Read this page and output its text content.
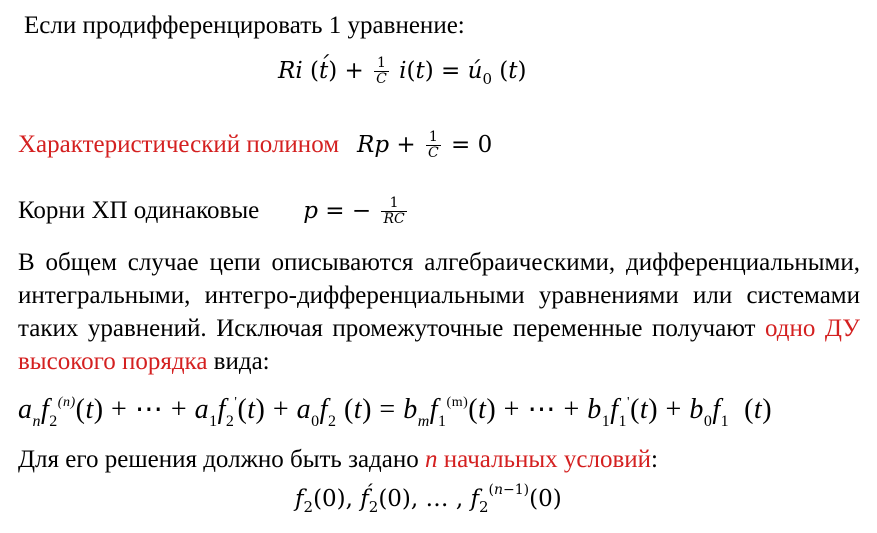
Если продифференцировать 1 уравнение:
Ri (t́) + $\frac{1}{C} i(t)$ = $ú_0$ (t)
Характеристический полином $Rp + \frac{1}{C} = 0$
Корни ХП одинаковые p = − $\frac{1}{RC}$
В общем случае цепи описываются алгебраическими, дифференциальными, интегральными, интегро-дифференциальными уравнениями или системами таких уравнений. Исключая промежуточные переменные получают одно ДУ высокого порядка вида:
$a_nf_2^{(n)}(t)$ + ⋯ + $a_1f_2'(t) + a_0f_2$ $(t) = b_mf_1^{(m)}(t)$ + ⋯ + $b_1f_1'(t) + b_0f_1$  (t)
Для его решения должно быть задано n начальных условий:
$f_2(0)$, $f́_2(0)$, … , $f_2^{(n-1)}(0)$
